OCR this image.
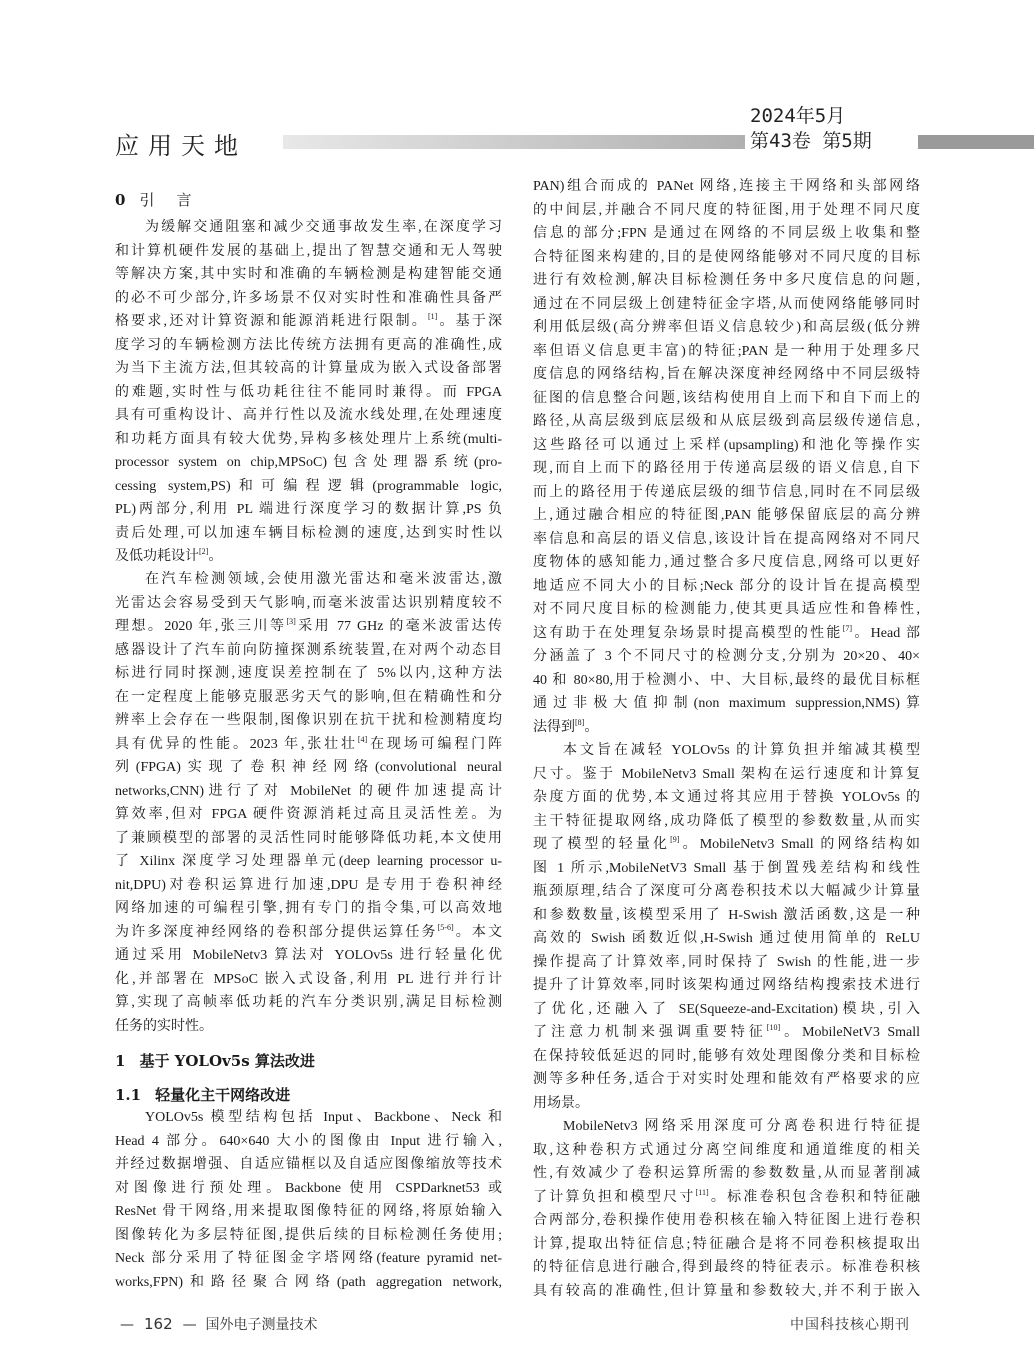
应用天地
2024年5月
第43卷 第5期
0 引言
为缓解交通阻塞和减少交通事故发生率,在深度学习
和计算机硬件发展的基础上,提出了智慧交通和无人驾驶
等解决方案,其中实时和准确的车辆检测是构建智能交通
的必不可少部分,许多场景不仅对实时性和准确性具备严
格要求,还对计算资源和能源消耗进行限制。[1]。基于深
度学习的车辆检测方法比传统方法拥有更高的准确性,成
为当下主流方法,但其较高的计算量成为嵌入式设备部署
的难题,实时性与低功耗往往不能同时兼得。而 FPGA
具有可重构设计、高并行性以及流水线处理,在处理速度
和功耗方面具有较大优势,异构多核处理片上系统(multi-
processor system on chip,MPSoC)包含处理器系统(pro-
cessing system,PS)和可编程逻辑(programmable logic,
PL)两部分,利用 PL 端进行深度学习的数据计算,PS 负
责后处理,可以加速车辆目标检测的速度,达到实时性以
及低功耗设计[2]。
在汽车检测领域,会使用激光雷达和毫米波雷达,激
光雷达会容易受到天气影响,而毫米波雷达识别精度较不
理想。2020 年,张三川等[3]采用 77 GHz 的毫米波雷达传
感器设计了汽车前向防撞探测系统装置,在对两个动态目
标进行同时探测,速度误差控制在了 5%以内,这种方法
在一定程度上能够克服恶劣天气的影响,但在精确性和分
辨率上会存在一些限制,图像识别在抗干扰和检测精度均
具有优异的性能。2023 年,张壮壮[4]在现场可编程门阵
列(FPGA)实现了卷积神经网络(convolutional neural
networks,CNN)进行了对 MobileNet 的硬件加速提高计
算效率,但对 FPGA 硬件资源消耗过高且灵活性差。为
了兼顾模型的部署的灵活性同时能够降低功耗,本文使用
了 Xilinx 深度学习处理器单元(deep learning processor u-
nit,DPU)对卷积运算进行加速,DPU 是专用于卷积神经
网络加速的可编程引擎,拥有专门的指令集,可以高效地
为许多深度神经网络的卷积部分提供运算任务[5-6]。本文
通过采用 MobileNetv3 算法对 YOLOv5s 进行轻量化优
化,并部署在 MPSoC 嵌入式设备,利用 PL 进行并行计
算,实现了高帧率低功耗的汽车分类识别,满足目标检测
任务的实时性。
1 基于 YOLOv5s 算法改进
1.1 轻量化主干网络改进
YOLOv5s 模型结构包括 Input、Backbone、Neck 和
Head 4 部分。640×640 大小的图像由 Input 进行输入,
并经过数据增强、自适应锚框以及自适应图像缩放等技术
对图像进行预处理。Backbone 使用 CSPDarknet53 或
ResNet 骨干网络,用来提取图像特征的网络,将原始输入
图像转化为多层特征图,提供后续的目标检测任务使用;
Neck 部分采用了特征图金字塔网络(feature pyramid net-
works,FPN)和路径聚合网络(path aggregation network,
PAN)组合而成的 PANet 网络,连接主干网络和头部网络
的中间层,并融合不同尺度的特征图,用于处理不同尺度
信息的部分;FPN 是通过在网络的不同层级上收集和整
合特征图来构建的,目的是使网络能够对不同尺度的目标
进行有效检测,解决目标检测任务中多尺度信息的问题,
通过在不同层级上创建特征金字塔,从而使网络能够同时
利用低层级(高分辨率但语义信息较少)和高层级(低分辨
率但语义信息更丰富)的特征;PAN 是一种用于处理多尺
度信息的网络结构,旨在解决深度神经网络中不同层级特
征图的信息整合问题,该结构使用自上而下和自下而上的
路径,从高层级到底层级和从底层级到高层级传递信息,
这些路径可以通过上采样(upsampling)和池化等操作实
现,而自上而下的路径用于传递高层级的语义信息,自下
而上的路径用于传递底层级的细节信息,同时在不同层级
上,通过融合相应的特征图,PAN 能够保留底层的高分辨
率信息和高层的语义信息,该设计旨在提高网络对不同尺
度物体的感知能力,通过整合多尺度信息,网络可以更好
地适应不同大小的目标;Neck 部分的设计旨在提高模型
对不同尺度目标的检测能力,使其更具适应性和鲁棒性,
这有助于在处理复杂场景时提高模型的性能[7]。Head 部
分涵盖了 3 个不同尺寸的检测分支,分别为 20×20、40×
40 和 80×80,用于检测小、中、大目标,最终的最优目标框
通过非极大值抑制(non maximum suppression,NMS)算
法得到[8]。
本文旨在减轻 YOLOv5s 的计算负担并缩减其模型
尺寸。鉴于 MobileNetv3 Small 架构在运行速度和计算复
杂度方面的优势,本文通过将其应用于替换 YOLOv5s 的
主干特征提取网络,成功降低了模型的参数数量,从而实
现了模型的轻量化[9]。MobileNetv3 Small 的网络结构如
图 1 所示,MobileNetV3 Small 基于倒置残差结构和线性
瓶颈原理,结合了深度可分离卷积技术以大幅减少计算量
和参数数量,该模型采用了 H-Swish 激活函数,这是一种
高效的 Swish 函数近似,H-Swish 通过使用简单的 ReLU
操作提高了计算效率,同时保持了 Swish 的性能,进一步
提升了计算效率,同时该架构通过网络结构搜索技术进行
了优化,还融入了 SE(Squeeze-and-Excitation)模块,引入
了注意力机制来强调重要特征[10]。MobileNetV3 Small
在保持较低延迟的同时,能够有效处理图像分类和目标检
测等多种任务,适合于对实时处理和能效有严格要求的应
用场景。
MobileNetv3 网络采用深度可分离卷积进行特征提
取,这种卷积方式通过分离空间维度和通道维度的相关
性,有效减少了卷积运算所需的参数数量,从而显著削减
了计算负担和模型尺寸[11]。标准卷积包含卷积和特征融
合两部分,卷积操作使用卷积核在输入特征图上进行卷积
计算,提取出特征信息;特征融合是将不同卷积核提取出
的特征信息进行融合,得到最终的特征表示。标准卷积核
具有较高的准确性,但计算量和参数较大,并不利于嵌入
— 162 — 国外电子测量技术	中国科技核心期刊
